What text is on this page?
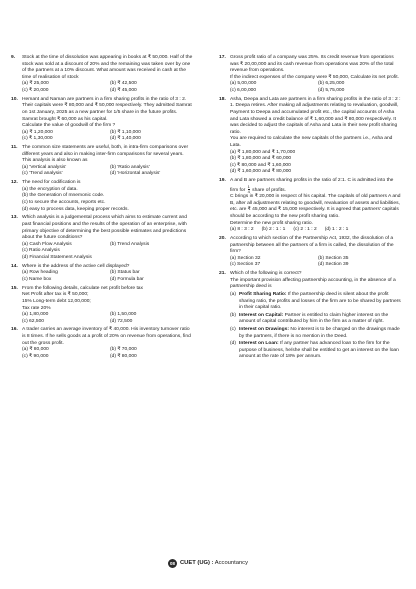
9. Stock at the time of dissolution was appearing in books at ₹ 50,000. Half of the stock was sold at a discount of 20% and the remaining was taken over by one of the partners at a 10% discount. What amount was received in cash at the time of realisation of stock
(a) ₹ 25,000	(b) ₹ 42,500
(c) ₹ 20,000	(d) ₹ 45,000
10. Hemant and Naman are partners in a firm sharing profits in the ratio of 3 : 2. Their capitals were ₹ 80,000 and ₹ 50,000 respectively. They admitted Samrat on 1st January, 2025 as a new partner for 1/5 share in the future profits. Samrat brought ₹ 60,000 as his capital.
Calculate the value of goodwill of the firm ?
(a) ₹ 1,20,000	(b) ₹ 1,10,000
(c) ₹ 1,30,000	(d) ₹ 1,40,000
11. The common size statements are useful, both, in intra-firm comparisons over different years and also in making inter-firm comparisons for several years. This analysis is also known as
(a) 'Vertical analysis'	(b) 'Ratio analysis'
(c) 'Trend analysis'	(d) 'Horizontal analysis'
12. The need for codification is
(a) the encryption of data.
(b) the Generation of mnemonic code.
(c) to secure the accounts, reports etc.
(d) easy to process data, keeping proper records.
13. Which analysis is a judgemental process which aims to estimate current and past financial positions and the results of the operation of an enterprise, with primary objective of determining the best possible estimates and predictions about the future conditions?
(a) Cash Flow Analysis	(b) Trend Analysis
(c) Ratio Analysis
(d) Financial Statement Analysis
14. Where is the address of the active cell displayed?
(a) Row heading	(b) Status bar
(c) Name box	(d) Formula bar
15. From the following details, calculate net profit before tax
Net Profit after tax is ₹ 50,000;
15% Long-term debt 12,00,000;
Tax rate 20%
(a) 1,80,000	(b) 1,50,000
(c) 62,500	(d) 72,500
16. A trader carries an average inventory of ₹ 40,000. His inventory turnover ratio is 8 times. If he sells goods at a profit of 20% on revenue from operations, find out the gross profit.
(a) ₹ 80,000	(b) ₹ 70,000
(c) ₹ 90,000	(d) ₹ 80,000
17. Gross profit ratio of a company was 25%. Its credit revenue from operations was ₹ 20,00,000 and its cash revenue from operations was 20% of the total revenue from operations.
If the indirect expenses of the company were ₹ 50,000, Calculate its net profit.
(a) 5,00,000	(b) 6,25,000
(c) 6,00,000	(d) 5,75,000
18. Asha, Deepa and Lata are partners in a firm sharing profits in the ratio of 3 : 2 : 1. Deepa retires. After making all adjustments relating to revaluation, goodwill, Payment to Deepa and accumulated profit etc., the capital accounts of Asha and Lata showed a credit balance of ₹ 1,60,000 and ₹ 80,000 respectively. It was decided to adjust the capitals of Asha and Lata in their new profit sharing ratio.
You are required to calculate the new capitals of the partners i.e., Asha and Lata.
(a) ₹ 1,80,000 and ₹ 1,70,000
(b) ₹ 1,80,000 and ₹ 60,000
(c) ₹ 80,000 and ₹ 1,60,000
(d) ₹ 1,60,000 and ₹ 80,000
19. A and B are partners sharing profits in the ratio of 2:1. C is admitted into the firm for $\frac{1}{4}$ share of profits.
C brings in ₹ 20,000 in respect of his capital. The capitals of old partners A and B, after all adjustments relating to goodwill, revaluation of assets and liabilities, etc. are ₹ 45,000 and ₹ 15,000 respectively. It is agreed that partners' capitals should be according to the new profit sharing ratio.
Determine the new profit sharing ratio.
(a) 8 : 3 : 2 (b) 2 : 1 : 1 (c) 2 : 1 : 2 (d) 1 : 2 : 1
20. According to which section of the Partnership Act, 1932, the dissolution of a partnership between all the partners of a firm is called, the dissolution of the firm?
(a) Section 32	(b) Section 35
(c) Section 37	(d) Section 39
21. Which of the following is correct?
The important provision affecting partnership accounting, in the absence of a partnership deed is
(a) Profit Sharing Ratio: If the partnership deed is silent about the profit sharing ratio, the profits and losses of the firm are to be shared by partners in their capital ratio.
(b) Interest on Capital: Partner is entitled to claim higher interest on the amount of capital contributed by him in the firm as a matter of right.
(c) Interest on Drawings: No interest is to be charged on the drawings made by the partners, if there is no mention in the Deed.
(d) Interest on Loan: If any partner has advanced loan to the firm for the purpose of business, he/she shall be entitled to get an interest on the loan amount at the rate of 18% per annum.
08 CUET (UG) : Accountancy
